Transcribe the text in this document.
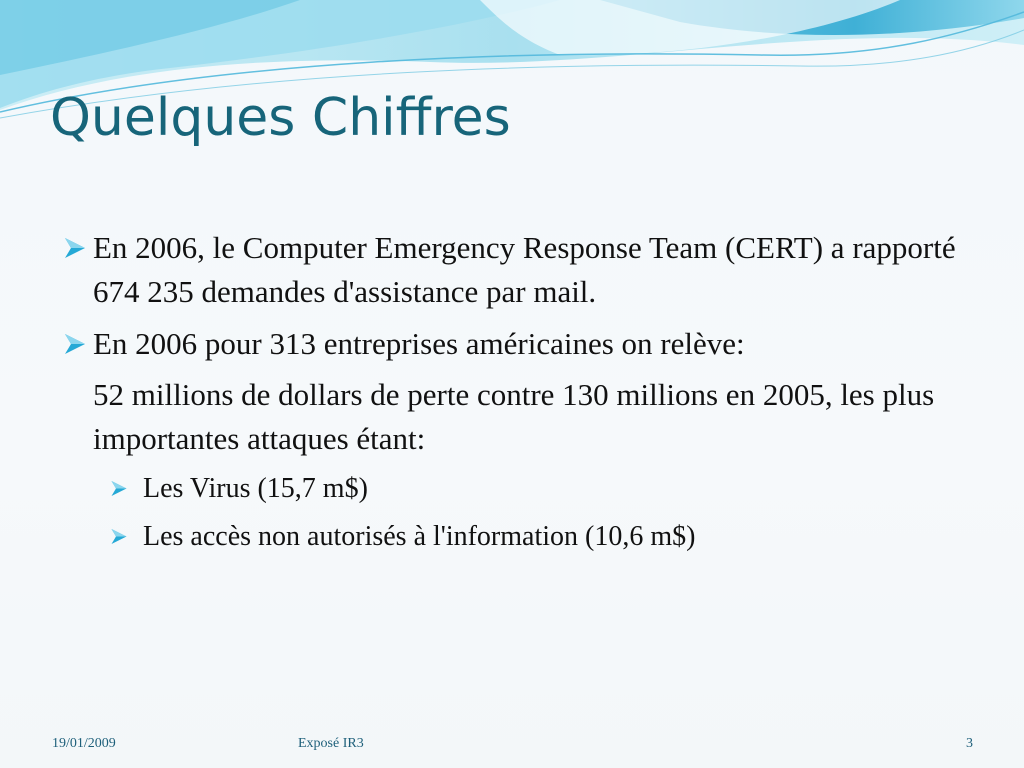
Quelques Chiffres

En 2006, le Computer Emergency Response Team (CERT) a rapporté 674 235 demandes d'assistance par mail.

En 2006 pour 313 entreprises américaines on relève:

52 millions de dollars de perte contre 130 millions en 2005, les plus importantes attaques étant:

Les Virus (15,7 m$)

Les accès non autorisés à l'information (10,6 m$)

19/01/2009	Exposé IR3	3
